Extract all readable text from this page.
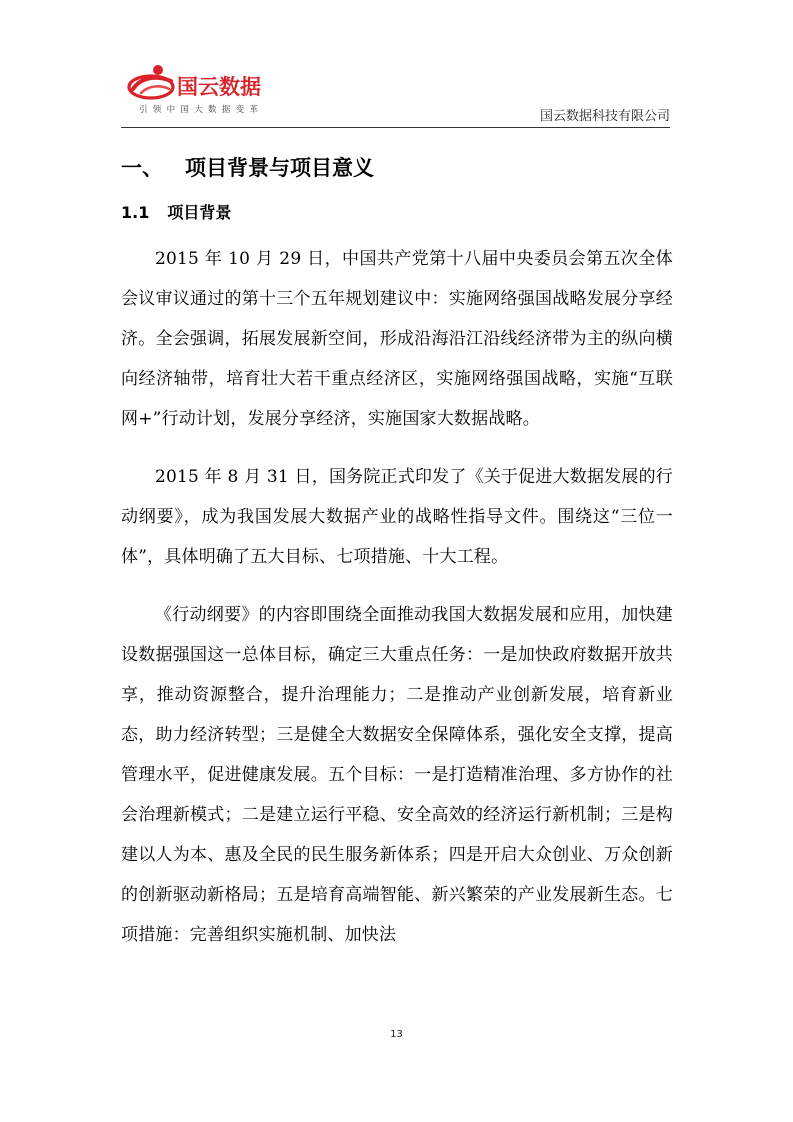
国云数据
引领中国大数据变革	国云数据科技有限公司
一、 项目背景与项目意义
1.1 项目背景

2015 年 10 月 29 日，中国共产党第十八届中央委员会第五次全体会议审议通过的第十三个五年规划建议中：实施网络强国战略发展分享经济。全会强调，拓展发展新空间，形成沿海沿江沿线经济带为主的纵向横向经济轴带，培育壮大若干重点经济区，实施网络强国战略，实施“互联网+”行动计划，发展分享经济，实施国家大数据战略。

2015 年 8 月 31 日，国务院正式印发了《关于促进大数据发展的行动纲要》，成为我国发展大数据产业的战略性指导文件。围绕这“三位一体”，具体明确了五大目标、七项措施、十大工程。

《行动纲要》的内容即围绕全面推动我国大数据发展和应用，加快建设数据强国这一总体目标，确定三大重点任务：一是加快政府数据开放共享，推动资源整合，提升治理能力；二是推动产业创新发展，培育新业态，助力经济转型；三是健全大数据安全保障体系，强化安全支撑，提高管理水平，促进健康发展。五个目标：一是打造精准治理、多方协作的社会治理新模式；二是建立运行平稳、安全高效的经济运行新机制；三是构建以人为本、惠及全民的民生服务新体系；四是开启大众创业、万众创新的创新驱动新格局；五是培育高端智能、新兴繁荣的产业发展新生态。七项措施：完善组织实施机制、加快法

13
